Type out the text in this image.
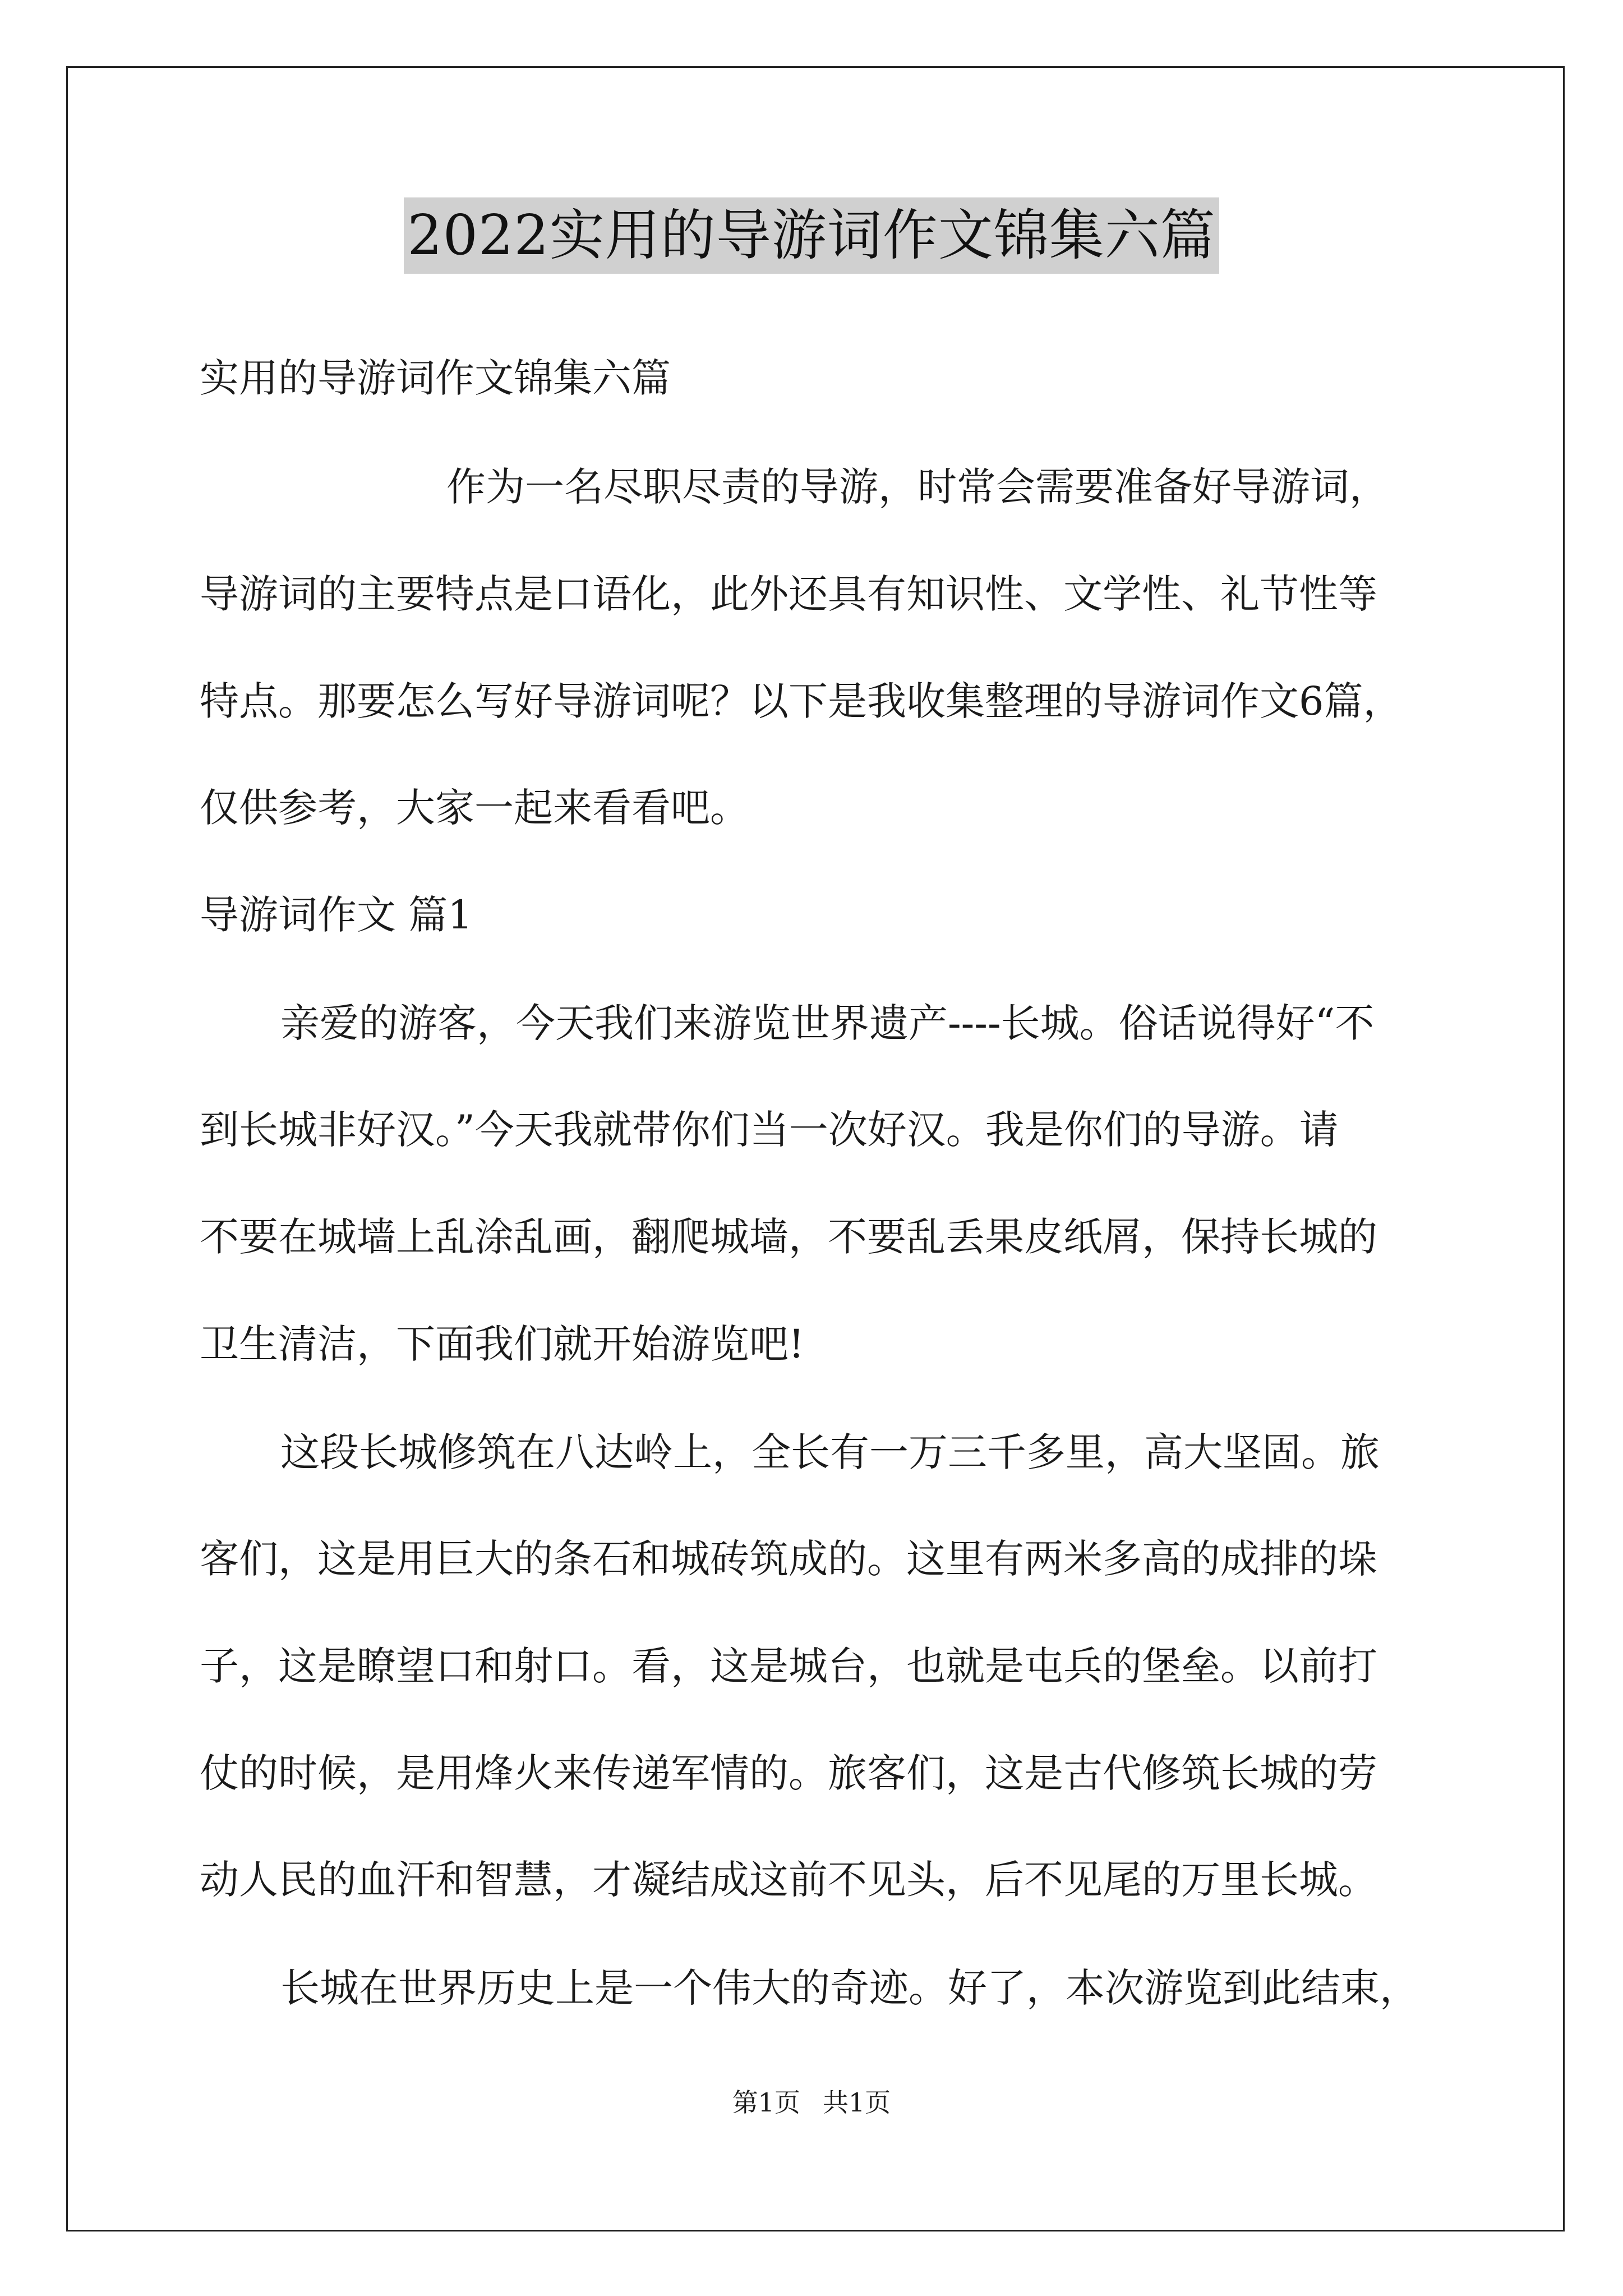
2022实用的导游词作文锦集六篇
实用的导游词作文锦集六篇
作为一名尽职尽责的导游，时常会需要准备好导游词，
导游词的主要特点是口语化，此外还具有知识性、文学性、礼节性等
特点。那要怎么写好导游词呢？以下是我收集整理的导游词作文6篇，
仅供参考，大家一起来看看吧。
导游词作文 篇1
亲爱的游客，今天我们来游览世界遗产----长城。俗话说得好“不
到长城非好汉。”今天我就带你们当一次好汉。我是你们的导游。请
不要在城墙上乱涂乱画，翻爬城墙，不要乱丢果皮纸屑，保持长城的
卫生清洁，下面我们就开始游览吧!
这段长城修筑在八达岭上，全长有一万三千多里，高大坚固。旅
客们，这是用巨大的条石和城砖筑成的。这里有两米多高的成排的垛
子，这是瞭望口和射口。看，这是城台，也就是屯兵的堡垒。以前打
仗的时候，是用烽火来传递军情的。旅客们，这是古代修筑长城的劳
动人民的血汗和智慧，才凝结成这前不见头，后不见尾的万里长城。
长城在世界历史上是一个伟大的奇迹。好了，本次游览到此结束，
第1页 共1页
